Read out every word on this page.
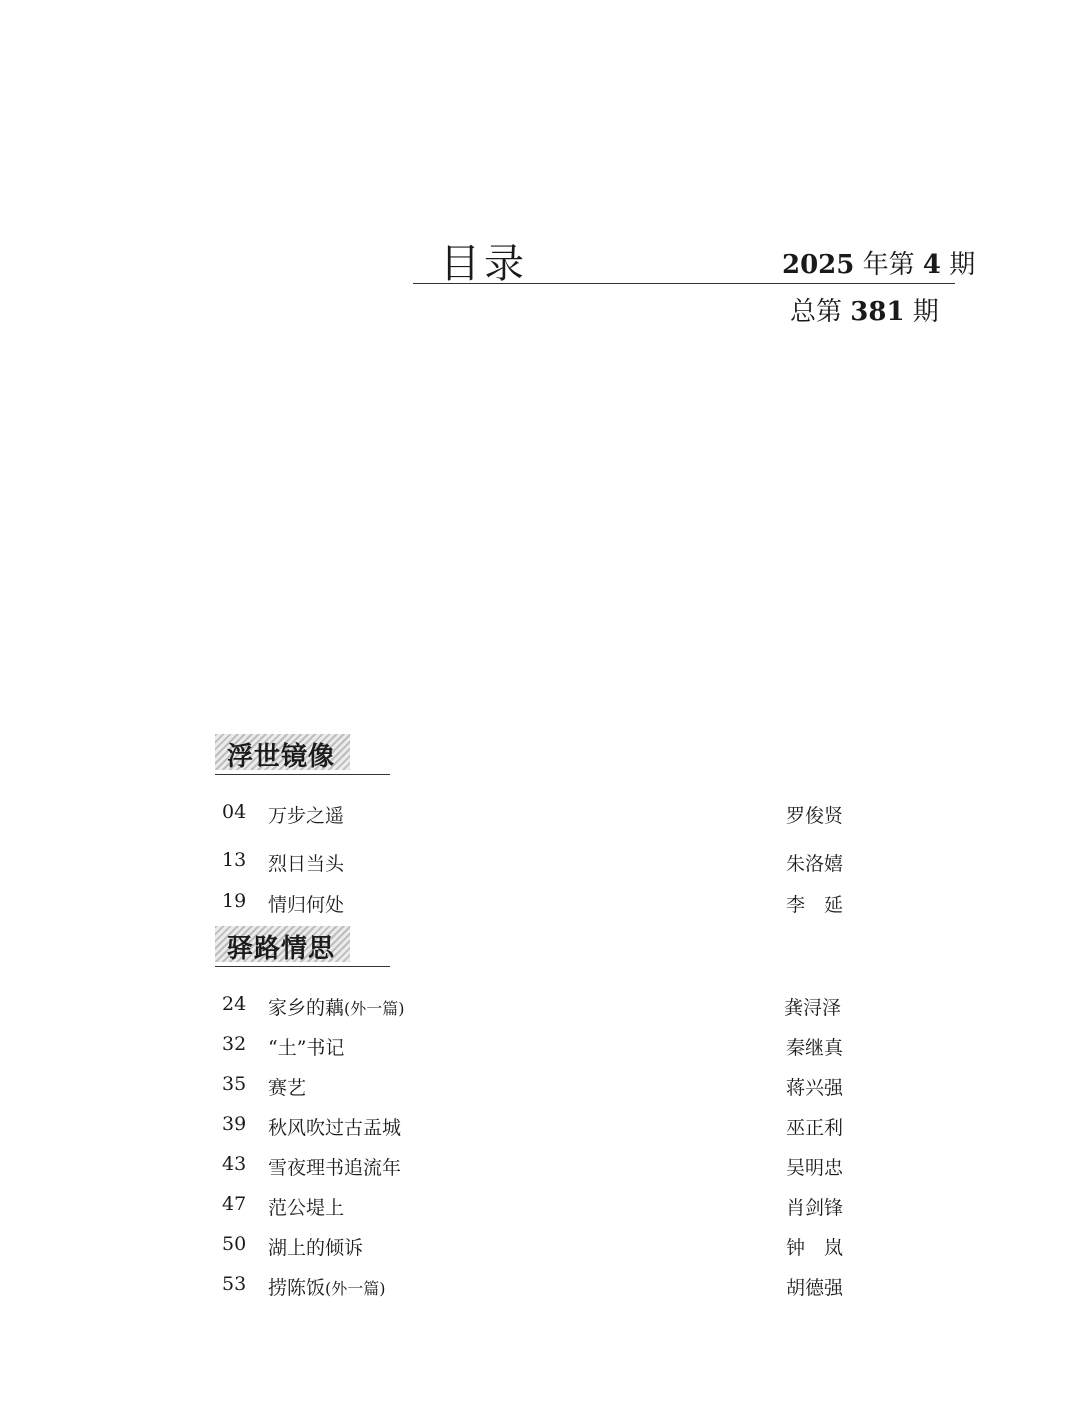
目录	2025 年第 4 期
总第 381 期
浮世镜像
04 万步之遥	罗俊贤
13 烈日当头	朱洛嬉
19 情归何处	李　延
驿路情思
24 家乡的藕(外一篇)	龚浔泽
32 “土”书记	秦继真
35 赛艺	蒋兴强
39 秋风吹过古盂城	巫正利
43 雪夜理书追流年	吴明忠
47 范公堤上	肖剑锋
50 湖上的倾诉	钟　岚
53 捞陈饭(外一篇)	胡德强
